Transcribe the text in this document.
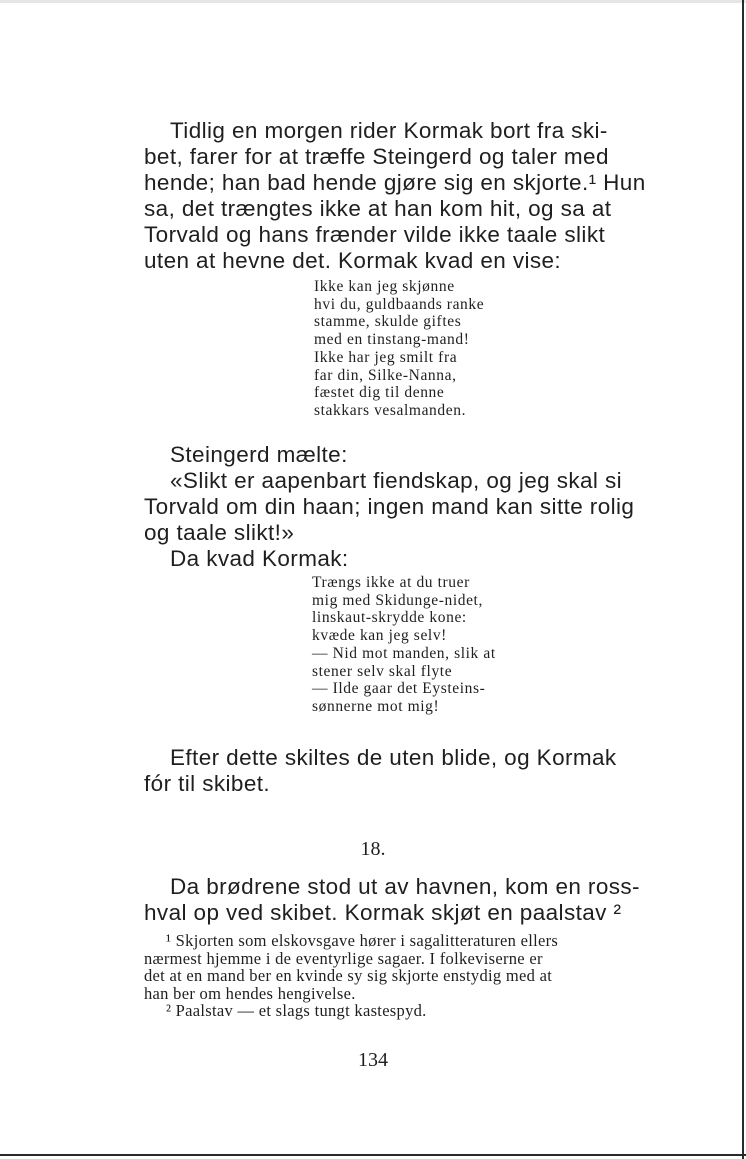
Tidlig en morgen rider Kormak bort fra ski-
bet, farer for at træffe Steingerd og taler med
hende; han bad hende gjøre sig en skjorte.¹ Hun
sa, det trængtes ikke at han kom hit, og sa at
Torvald og hans frænder vilde ikke taale slikt
uten at hevne det. Kormak kvad en vise:
Ikke kan jeg skjønne
hvi du, guldbaands ranke
stamme, skulde giftes
med en tinstang-mand!
Ikke har jeg smilt fra
far din, Silke-Nanna,
fæstet dig til denne
stakkars vesalmanden.
Steingerd mælte:
«Slikt er aapenbart fiendskap, og jeg skal si
Torvald om din haan; ingen mand kan sitte rolig
og taale slikt!»
Da kvad Kormak:
Trængs ikke at du truer
mig med Skidunge-nidet,
linskaut-skrydde kone:
kvæde kan jeg selv!
— Nid mot manden, slik at
stener selv skal flyte
— Ilde gaar det Eysteins-
sønnerne mot mig!
Efter dette skiltes de uten blide, og Kormak
fór til skibet.
18.
Da brødrene stod ut av havnen, kom en ross-
hval op ved skibet. Kormak skjøt en paalstav ²
¹ Skjorten som elskovsgave hører i sagalitteraturen ellers
nærmest hjemme i de eventyrlige sagaer. I folkeviserne er
det at en mand ber en kvinde sy sig skjorte enstydig med at
han ber om hendes hengivelse.
² Paalstav — et slags tungt kastespyd.
134
